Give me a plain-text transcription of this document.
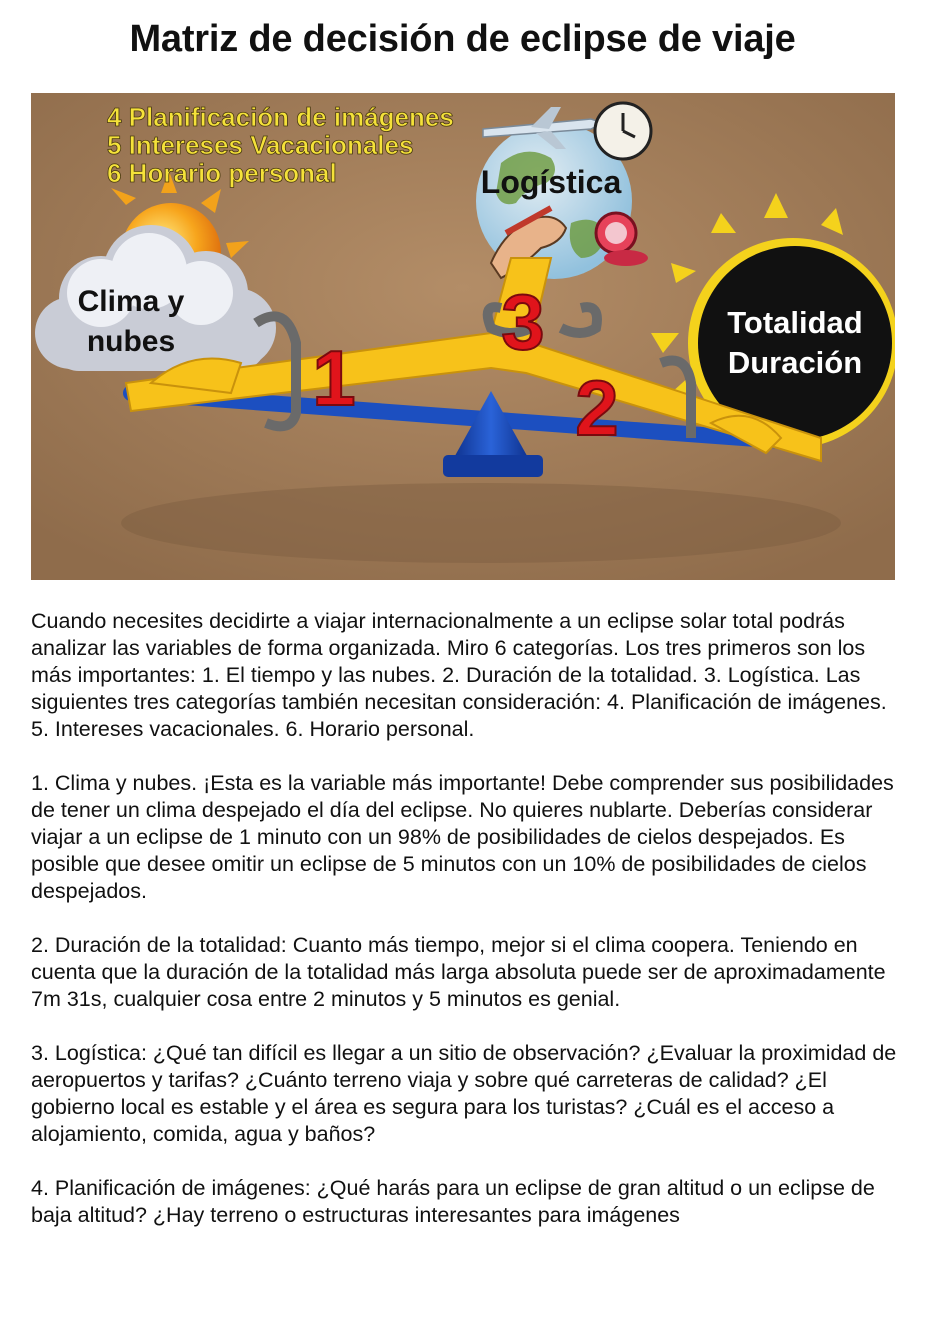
Matriz de decisión de eclipse de viaje
Clima y
nubes
Logística
Totalidad
Duración
1	2
3
4 Planificación de imágenes
5 Intereses Vacacionales
6 Horario personal

Cuando necesites decidirte a viajar internacionalmente a un eclipse solar total podrás analizar las variables de forma organizada. Miro 6 categorías. Los tres primeros son los más importantes: 1. El tiempo y las nubes. 2. Duración de la totalidad. 3. Logística. Las siguientes tres categorías también necesitan consideración: 4. Planificación de imágenes. 5. Intereses vacacionales. 6. Horario personal.

1. Clima y nubes. ¡Esta es la variable más importante! Debe comprender sus posibilidades de tener un clima despejado el día del eclipse. No quieres nublarte. Deberías considerar viajar a un eclipse de 1 minuto con un 98% de posibilidades de cielos despejados. Es posible que desee omitir un eclipse de 5 minutos con un 10% de posibilidades de cielos despejados.

2. Duración de la totalidad: Cuanto más tiempo, mejor si el clima coopera. Teniendo en cuenta que la duración de la totalidad más larga absoluta puede ser de aproximadamente 7m 31s, cualquier cosa entre 2 minutos y 5 minutos es genial.

3. Logística: ¿Qué tan difícil es llegar a un sitio de observación? ¿Evaluar la proximidad de aeropuertos y tarifas? ¿Cuánto terreno viaja y sobre qué carreteras de calidad? ¿El gobierno local es estable y el área es segura para los turistas? ¿Cuál es el acceso a alojamiento, comida, agua y baños?

4. Planificación de imágenes: ¿Qué harás para un eclipse de gran altitud o un eclipse de baja altitud? ¿Hay terreno o estructuras interesantes para imágenes
